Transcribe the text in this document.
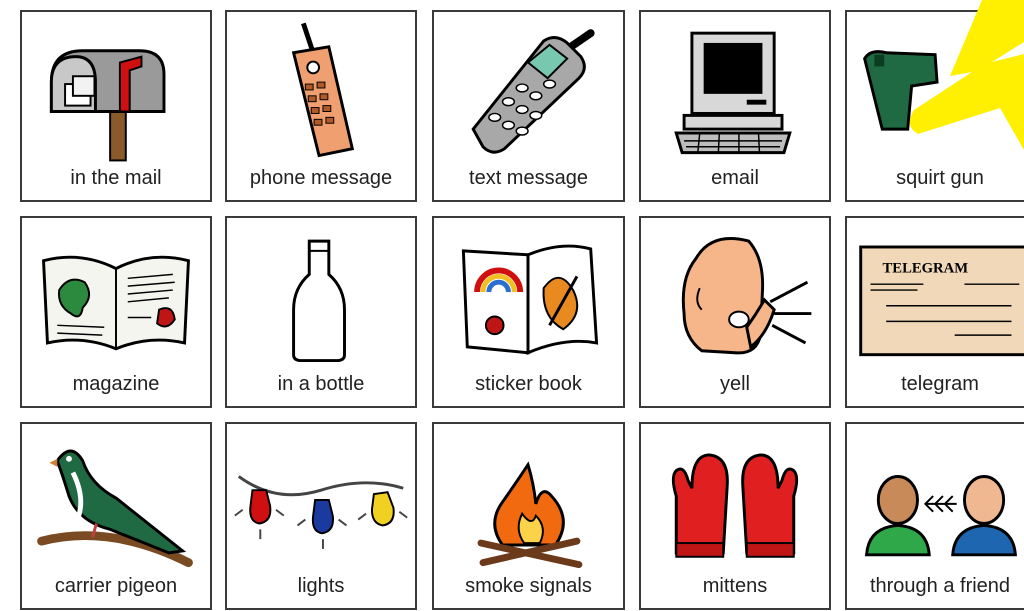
in the mail	phone message	text message	email	squirt gun
magazine	in a bottle	sticker book	yell
TELEGRAM
telegram
carrier pigeon	lights	smoke signals	mittens	through a friend
